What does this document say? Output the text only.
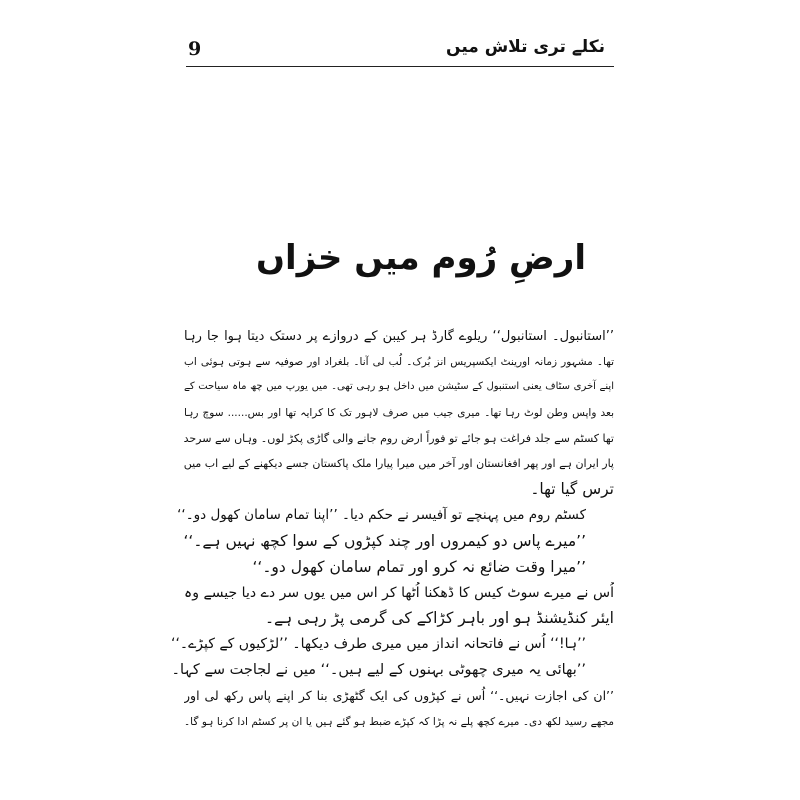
9	نکلے تری تلاش میں
ارضِ رُوم میں خزاں
’’استانبول۔ استانبول‘‘ ریلوے گارڈ ہر کیبن کے دروازے پر دستک دیتا ہوا جا رہا
تھا۔ مشہور زمانہ اورینٹ ایکسپریس انز بُرک۔ لُب لی آنا۔ بلغراد اور صوفیہ سے ہوتی ہوئی اب
اپنے آخری سٹاف یعنی استنبول کے سٹیشن میں داخل ہو رہی تھی۔ میں یورپ میں چھ ماہ سیاحت کے
بعد واپس وطن لوٹ رہا تھا۔ میری جیب میں صرف لاہور تک کا کرایہ تھا اور بس...... سوچ رہا
تھا کسٹم سے جلد فراغت ہو جائے تو فوراً ارض روم جانے والی گاڑی پکڑ لوں۔ وہاں سے سرحد
پار ایران ہے اور پھر افغانستان اور آخر میں میرا پیارا ملک پاکستان جسے دیکھنے کے لیے اب میں
ترس گیا تھا۔
کسٹم روم میں پہنچے تو آفیسر نے حکم دیا۔ ’’اپنا تمام سامان کھول دو۔‘‘
’’میرے پاس دو کیمروں اور چند کپڑوں کے سوا کچھ نہیں ہے۔‘‘
’’میرا وقت ضائع نہ کرو اور تمام سامان کھول دو۔‘‘
اُس نے میرے سوٹ کیس کا ڈھکنا اُٹھا کر اس میں یوں سر دے دیا جیسے وہ
ایئر کنڈیشنڈ ہو اور باہر کڑاکے کی گرمی پڑ رہی ہے۔
’’ہا!‘‘ اُس نے فاتحانہ انداز میں میری طرف دیکھا۔ ’’لڑکیوں کے کپڑے۔‘‘
’’بھائی یہ میری چھوٹی بہنوں کے لیے ہیں۔‘‘ میں نے لجاجت سے کہا۔
’’ان کی اجازت نہیں۔‘‘ اُس نے کپڑوں کی ایک گٹھڑی بنا کر اپنے پاس رکھ لی اور
مجھے رسید لکھ دی۔ میرے کچھ پلے نہ پڑا کہ کپڑے ضبط ہو گئے ہیں یا ان پر کسٹم ادا کرنا ہو گا۔
